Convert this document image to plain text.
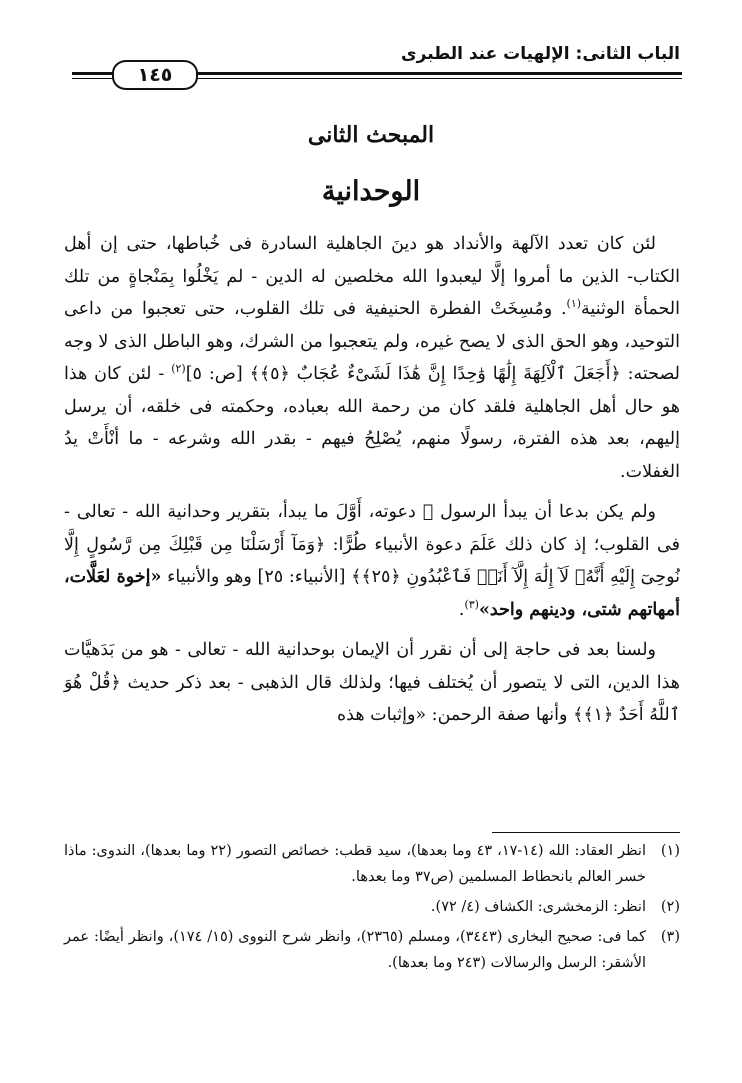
الباب الثانى: الإلهيات عند الطبرى
١٤٥
المبحث الثانى
الوحدانية

لئن كان تعدد الآلهة والأنداد هو دينَ الجاهلية السادرة فى خُباطها، حتى إن أهل الكتاب- الذين ما أمروا إلَّا ليعبدوا الله مخلصين له الدين - لم يَخْلُوا بِمَنْجاةٍ من تلك الحمأة الوثنية$^{(١)}$. ومُسِخَتْ الفطرة الحنيفية فى تلك القلوب، حتى تعجبوا من داعى التوحيد، وهو الحق الذى لا يصح غيره، ولم يتعجبوا من الشرك، وهو الباطل الذى لا وجه لصحته: ﴿أَجَعَلَ ٱلْآلِهَةَ إِلَٰهًا وَٰحِدًا إِنَّ هَٰذَا لَشَىْءٌ عُجَابٌ ﴿٥﴾﴾ [ص: ٥]$^{(٢)}$ - لئن كان هذا هو حال أهل الجاهلية فلقد كان من رحمة الله بعباده، وحكمته فى خلقه، أن يرسل إليهم، بعد هذه الفترة، رسولًا منهم، يُصْلِحُ فيهم - بقدر الله وشرعه - ما أنْأَتْ يدُ الغفلات.

ولم يكن بدعا أن يبدأ الرسول ﷺ دعوته، أَوَّلَ ما يبدأ، بتقرير وحدانية الله - تعالى - فى القلوب؛ إذ كان ذلك عَلَمَ دعوة الأنبياء طُرًّا: ﴿وَمَآ أَرْسَلْنَا مِن قَبْلِكَ مِن رَّسُولٍ إِلَّا نُوحِىٓ إِلَيْهِ أَنَّهُۥ لَآ إِلَٰهَ إِلَّآ أَنَا۠ فَٱعْبُدُونِ ﴿٢٥﴾﴾ [الأنبياء: ٢٥] وهو والأنبياء «إخوة لعَلَّات، أمهاتهم شتى، ودينهم واحد»$^{(٣)}$.

ولسنا بعد فى حاجة إلى أن نقرر أن الإيمان بوحدانية الله - تعالى - هو من بَدَهيَّات هذا الدين، التى لا يتصور أن يُختلف فيها؛ ولذلك قال الذهبى - بعد ذكر حديث ﴿قُلْ هُوَ ٱللَّهُ أَحَدٌ ﴿١﴾﴾ وأنها صفة الرحمن: «وإثبات هذه

(١)
انظر العقاد: الله (١٤-١٧، ٤٣ وما بعدها)، سيد قطب: خصائص التصور (٢٢ وما بعدها)، الندوى: ماذا خسر العالم بانحطاط المسلمين (ص٣٧ وما بعدها.
(٢)
انظر: الزمخشرى: الكشاف (٤/ ٧٢).
(٣)
كما فى: صحيح البخارى (٣٤٤٣)، ومسلم (٢٣٦٥)، وانظر شرح النووى (١٥/ ١٧٤)، وانظر أيضًا: عمر الأشقر: الرسل والرسالات (٢٤٣ وما بعدها).
